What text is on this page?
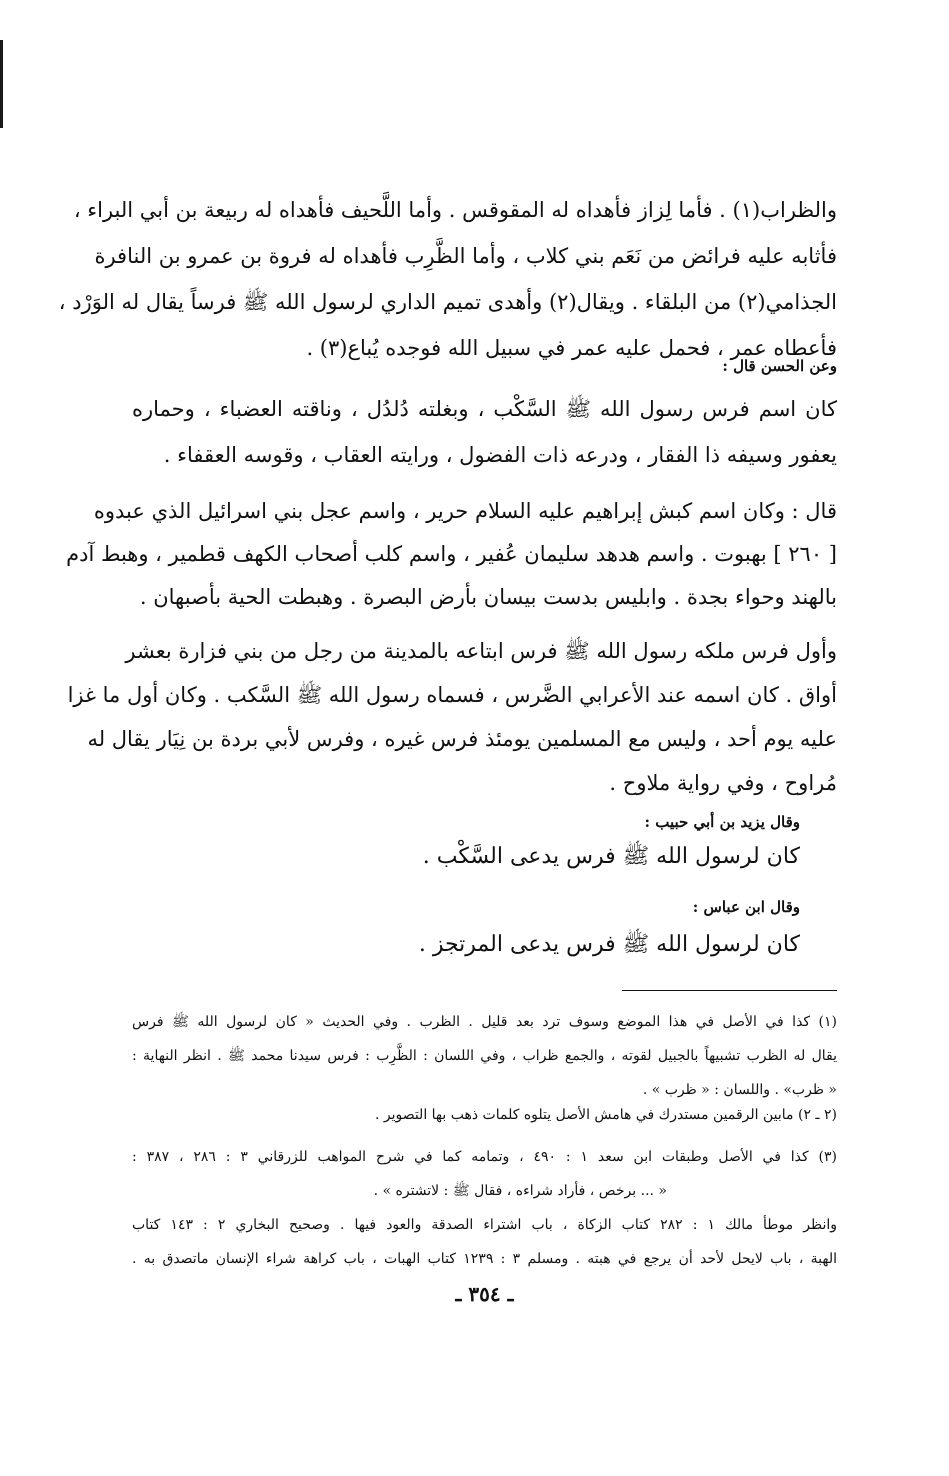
والظراب(١) . فأما لِزاز فأهداه له المقوقس . وأما اللَّحيف فأهداه له ربيعة بن أبي البراء ،
فأثابه عليه فرائض من نَعَم بني كلاب ، وأما الظَّرِب فأهداه له فروة بن عمرو بن النافرة
الجذامي(٢) من البلقاء . ويقال(٢) وأهدى تميم الداري لرسول الله ﷺ فرساً يقال له الوَرْد ،
فأعطاه عمر ، فحمل عليه عمر في سبيل الله فوجده يُباع(٣) .
وعن الحسن قال :
كان اسم فرس رسول الله ﷺ السَّكْب ، وبغلته دُلدُل ، وناقته العضباء ، وحماره
يعفور وسيفه ذا الفقار ، ودرعه ذات الفضول ، ورايته العقاب ، وقوسه العقفاء .
قال : وكان اسم كبش إبراهيم عليه السلام حرير ، واسم عجل بني اسرائيل الذي عبدوه
[ ٢٦٠ ] بهبوت . واسم هدهد سليمان عُفير ، واسم كلب أصحاب الكهف قطمير ، وهبط آدم
بالهند وحواء بجدة . وابليس بدست بيسان بأرض البصرة . وهبطت الحية بأصبهان .
وأول فرس ملكه رسول الله ﷺ فرس ابتاعه بالمدينة من رجل من بني فزارة بعشر
أواق . كان اسمه عند الأعرابي الضَّرس ، فسماه رسول الله ﷺ السَّكب . وكان أول ما غزا
عليه يوم أحد ، وليس مع المسلمين يومئذ فرس غيره ، وفرس لأبي بردة بن نِيَار يقال له
مُراوح ، وفي رواية ملاوح .
وقال يزيد بن أبي حبيب :
كان لرسول الله ﷺ فرس يدعى السَّكْب .
وقال ابن عباس :
كان لرسول الله ﷺ فرس يدعى المرتجز .
(١) كذا في الأصل في هذا الموضع وسوف ترد بعد قليل . الظرب . وفي الحديث « كان لرسول الله ﷺ فرس
يقال له الظرب تشبيهاً بالجبيل لقوته ، والجمع ظراب ، وفي اللسان : الظَّرِب : فرس سيدنا محمد ﷺ . انظر النهاية :
« ظرب» . واللسان : « ظرب » .
(٢ ـ ٢) مابين الرقمين مستدرك في هامش الأصل يتلوه كلمات ذهب بها التصوير .
(٣) كذا في الأصل وطبقات ابن سعد ١ : ٤٩٠ ، وتمامه كما في شرح المواهب للزرقاني ٣ : ٢٨٦ ، ٣٨٧ :
« ... برخص ، فأراد شراءه ، فقال ﷺ : لاتشتره » .
وانظر موطأ مالك ١ : ٢٨٢ كتاب الزكاة ، باب اشتراء الصدقة والعود فيها . وصحيح البخاري ٢ : ١٤٣ كتاب
الهبة ، باب لايحل لأحد أن يرجع في هبته . ومسلم ٣ : ١٢٣٩ كتاب الهبات ، باب كراهة شراء الإنسان ماتصدق به .
ـ ٣٥٤ ـ
